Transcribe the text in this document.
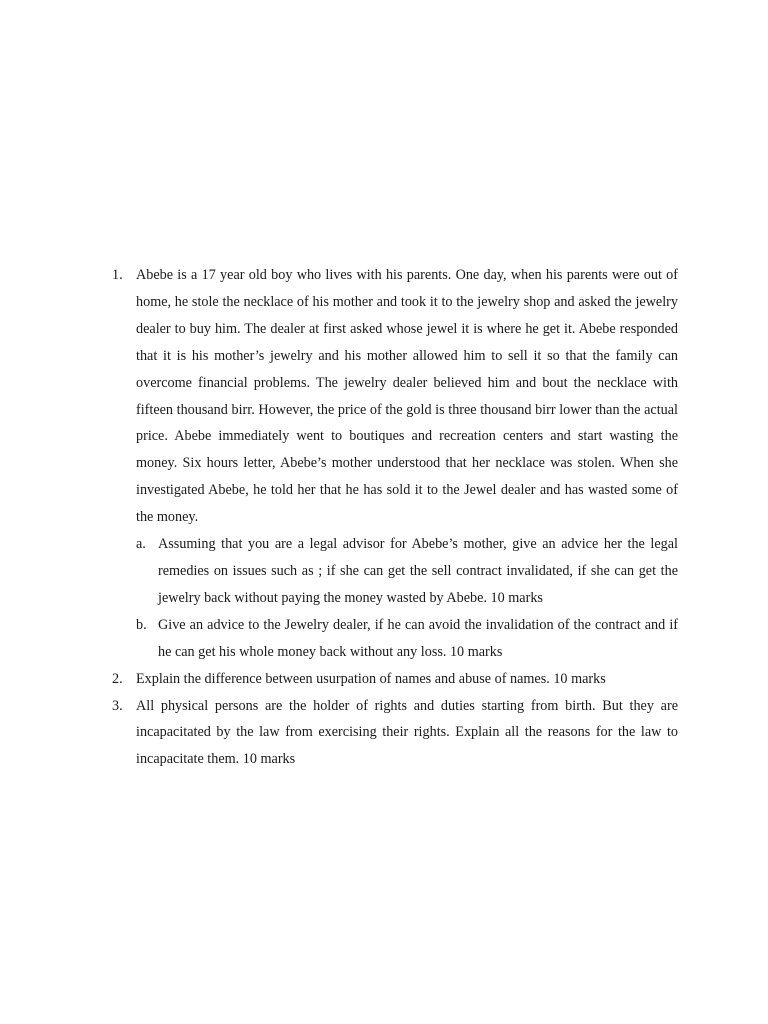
1. Abebe is a 17 year old boy who lives with his parents. One day, when his parents were out of home, he stole the necklace of his mother and took it to the jewelry shop and asked the jewelry dealer to buy him. The dealer at first asked whose jewel it is where he get it. Abebe responded that it is his mother’s jewelry and his mother allowed him to sell it so that the family can overcome financial problems. The jewelry dealer believed him and bout the necklace with fifteen thousand birr. However, the price of the gold is three thousand birr lower than the actual price. Abebe immediately went to boutiques and recreation centers and start wasting the money. Six hours letter, Abebe’s mother understood that her necklace was stolen. When she investigated Abebe, he told her that he has sold it to the Jewel dealer and has wasted some of the money.
a. Assuming that you are a legal advisor for Abebe’s mother, give an advice her the legal remedies on issues such as ; if she can get the sell contract invalidated, if she can get the jewelry back without paying the money wasted by Abebe. 10 marks
b. Give an advice to the Jewelry dealer, if he can avoid the invalidation of the contract and if he can get his whole money back without any loss. 10 marks
2. Explain the difference between usurpation of names and abuse of names. 10 marks
3. All physical persons are the holder of rights and duties starting from birth. But they are incapacitated by the law from exercising their rights. Explain all the reasons for the law to incapacitate them. 10 marks
